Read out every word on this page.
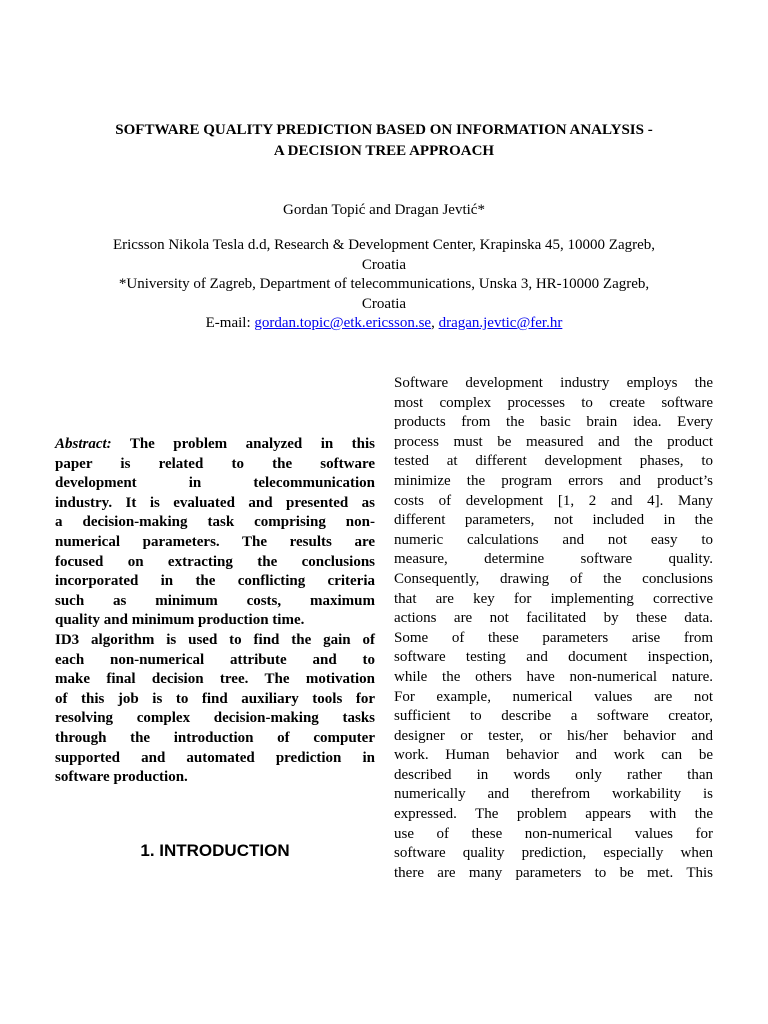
SOFTWARE QUALITY PREDICTION BASED ON INFORMATION ANALYSIS -
A DECISION TREE APPROACH
Gordan Topić and Dragan Jevtić*
Ericsson Nikola Tesla d.d, Research & Development Center, Krapinska 45, 10000 Zagreb,
Croatia
*University of Zagreb, Department of telecommunications, Unska 3, HR-10000 Zagreb,
Croatia
E-mail: gordan.topic@etk.ericsson.se, dragan.jevtic@fer.hr
Abstract: The problem analyzed in this
paper is related to the software
development in telecommunication
industry. It is evaluated and presented as
a decision-making task comprising non-
numerical parameters. The results are
focused on extracting the conclusions
incorporated in the conflicting criteria
such as minimum costs, maximum
quality and minimum production time.
ID3 algorithm is used to find the gain of
each non-numerical attribute and to
make final decision tree. The motivation
of this job is to find auxiliary tools for
resolving complex decision-making tasks
through the introduction of computer
supported and automated prediction in
software production.
1. INTRODUCTION
Software development industry employs the
most complex processes to create software
products from the basic brain idea. Every
process must be measured and the product
tested at different development phases, to
minimize the program errors and product’s
costs of development [1, 2 and 4]. Many
different parameters, not included in the
numeric calculations and not easy to
measure, determine software quality.
Consequently, drawing of the conclusions
that are key for implementing corrective
actions are not facilitated by these data.
Some of these parameters arise from
software testing and document inspection,
while the others have non-numerical nature.
For example, numerical values are not
sufficient to describe a software creator,
designer or tester, or his/her behavior and
work. Human behavior and work can be
described in words only rather than
numerically and therefrom workability is
expressed. The problem appears with the
use of these non-numerical values for
software quality prediction, especially when
there are many parameters to be met. This
